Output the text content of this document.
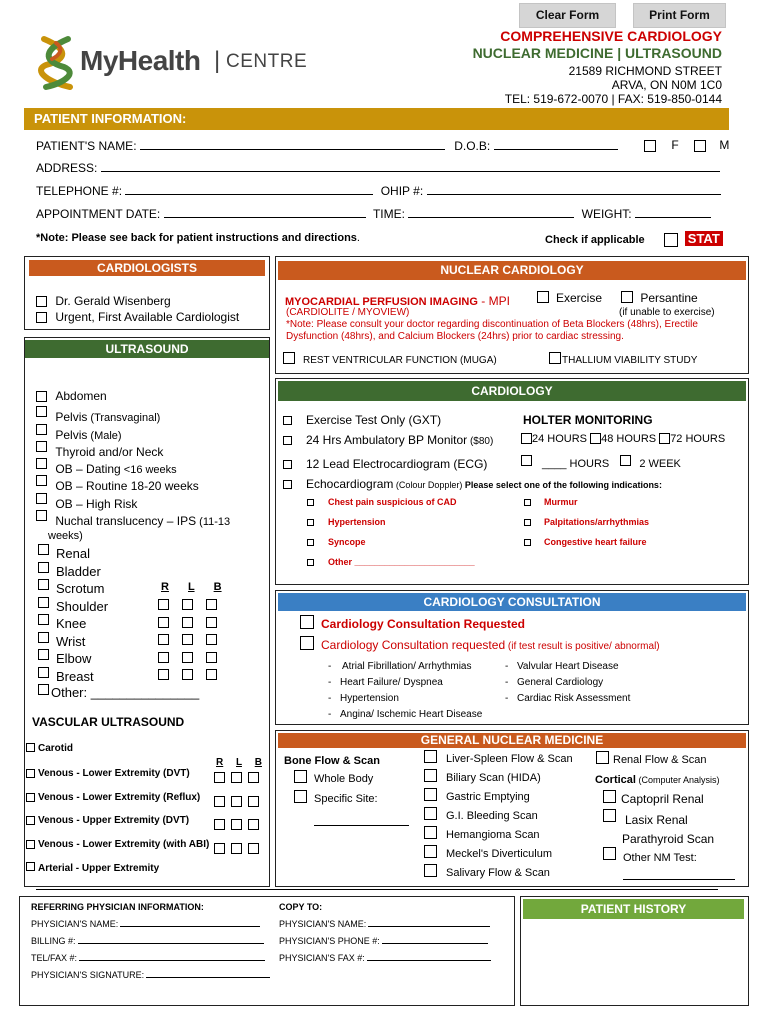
Clear Form	Print Form
MyHealth | CENTRE
COMPREHENSIVE CARDIOLOGY
NUCLEAR MEDICINE | ULTRASOUND
21589 RICHMOND STREET
ARVA, ON N0M 1C0
TEL: 519-672-0070 | FAX: 519-850-0144
PATIENT INFORMATION:
PATIENT'S NAME:	D.O.B:	F	M
ADDRESS:
TELEPHONE #:	OHIP #:
APPOINTMENT DATE:	TIME:	WEIGHT:
*Note: Please see back for patient instructions and directions.	Check if applicable	STAT
CARDIOLOGISTS
Dr. Gerald Wisenberg
Urgent, First Available Cardiologist
ULTRASOUND
Abdomen
Pelvis (Transvaginal)
Pelvis (Male)
Thyroid and/or Neck
OB – Dating <16 weeks
OB – Routine 18-20 weeks
OB – High Risk
Nuchal translucency – IPS (11-13
weeks)
R L B
Renal
Bladder
Scrotum
Shoulder
Knee
Wrist
Elbow
Breast
Other: _______________
VASCULAR ULTRASOUND
Carotid
R L B
Venous - Lower Extremity (DVT)
Venous - Lower Extremity (Reflux)
Venous - Upper Extremity (DVT)
Venous - Lower Extremity (with ABI)
Arterial - Upper Extremity
NUCLEAR CARDIOLOGY
MYOCARDIAL PERFUSION IMAGING - MPI	Exercise	Persantine
(CARDIOLITE / MYOVIEW)	(if unable to exercise)
*Note: Please consult your doctor regarding discontinuation of Beta Blockers (48hrs), Erectile Dysfunction (48hrs), and Calcium Blockers (24hrs) prior to cardiac stressing.
REST VENTRICULAR FUNCTION (MUGA)	THALLIUM VIABILITY STUDY
CARDIOLOGY
Exercise Test Only (GXT)
24 Hrs Ambulatory BP Monitor ($80)
12 Lead Electrocardiogram (ECG)
Echocardiogram (Colour Doppler) Please select one of the following indications:
HOLTER MONITORING
24 HOURS 48 HOURS 72 HOURS
____ HOURS	2 WEEK
Chest pain suspicious of CAD
Hypertension
Syncope
Other ________________________
Murmur
Palpitations/arrhythmias
Congestive heart failure
CARDIOLOGY CONSULTATION
Cardiology Consultation Requested
Cardiology Consultation requested (if test result is positive/ abnormal)
- Atrial Fibrillation/ Arrhythmias
- Heart Failure/ Dyspnea
- Hypertension
- Angina/ Ischemic Heart Disease
- Valvular Heart Disease
- General Cardiology
- Cardiac Risk Assessment
GENERAL NUCLEAR MEDICINE
Bone Flow & Scan
Whole Body
Specific Site:
Liver-Spleen Flow & Scan
Biliary Scan (HIDA)
Gastric Emptying
G.I. Bleeding Scan
Hemangioma Scan
Meckel's Diverticulum
Salivary Flow & Scan
Renal Flow & Scan
Cortical (Computer Analysis)
Captopril Renal
Lasix Renal
Parathyroid Scan
Other NM Test:
REFERRING PHYSICIAN INFORMATION:	COPY TO:
PHYSICIAN'S NAME:
BILLING #:
TEL/FAX #:
PHYSICIAN'S SIGNATURE:
PHYSICIAN'S NAME:
PHYSICIAN'S PHONE #:
PHYSICIAN'S FAX #:
PATIENT HISTORY
